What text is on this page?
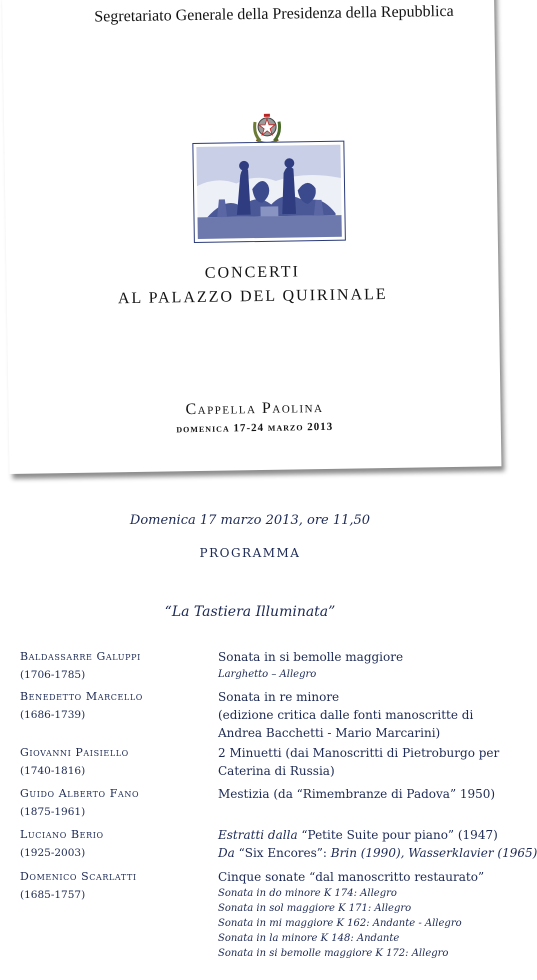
Segretariato Generale della Presidenza della Repubblica
CONCERTI
AL PALAZZO DEL QUIRINALE
Cappella Paolina
domenica 17-24 marzo 2013
Domenica 17 marzo 2013, ore 11,50
PROGRAMMA
“La Tastiera Illuminata”
Baldassarre Galuppi
(1706-1785)
Sonata in si bemolle maggiore
Larghetto – Allegro
Benedetto Marcello
(1686-1739)
Sonata in re minore
(edizione critica dalle fonti manoscritte di
Andrea Bacchetti - Mario Marcarini)
Giovanni Paisiello
(1740-1816)
2 Minuetti (dai Manoscritti di Pietroburgo per
Caterina di Russia)
Guido Alberto Fano
(1875-1961)
Mestizia (da “Rimembranze di Padova” 1950)
Luciano Berio
(1925-2003)
Estratti dalla “Petite Suite pour piano” (1947)
Da “Six Encores”: Brin (1990), Wasserklavier (1965)
Domenico Scarlatti
(1685-1757)
Cinque sonate “dal manoscritto restaurato”
Sonata in do minore K 174: Allegro
Sonata in sol maggiore K 171: Allegro
Sonata in mi maggiore K 162: Andante - Allegro
Sonata in la minore K 148: Andante
Sonata in si bemolle maggiore K 172: Allegro
